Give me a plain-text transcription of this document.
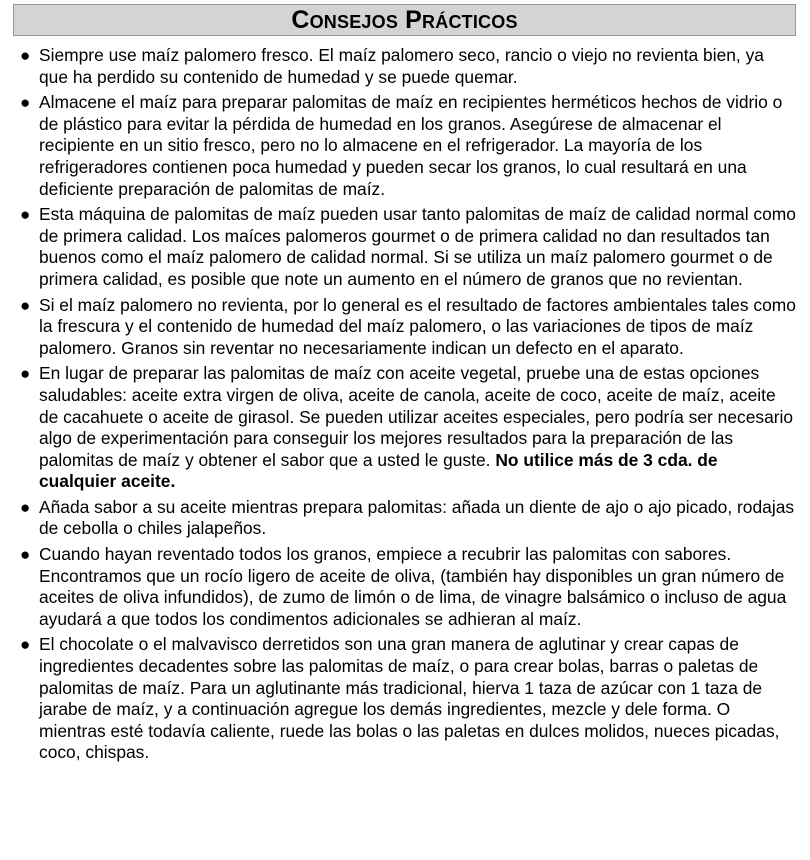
Consejos Prácticos
● Siempre use maíz palomero fresco. El maíz palomero seco, rancio o viejo no revienta bien, ya que ha perdido su contenido de humedad y se puede quemar.
● Almacene el maíz para preparar palomitas de maíz en recipientes herméticos hechos de vidrio o de plástico para evitar la pérdida de humedad en los granos. Asegúrese de almacenar el recipiente en un sitio fresco, pero no lo almacene en el refrigerador. La mayoría de los refrigeradores contienen poca humedad y pueden secar los granos, lo cual resultará en una deficiente preparación de palomitas de maíz.
● Esta máquina de palomitas de maíz pueden usar tanto palomitas de maíz de calidad normal como de primera calidad. Los maíces palomeros gourmet o de primera calidad no dan resultados tan buenos como el maíz palomero de calidad normal. Si se utiliza un maíz palomero gourmet o de primera calidad, es posible que note un aumento en el número de granos que no revientan.
● Si el maíz palomero no revienta, por lo general es el resultado de factores ambientales tales como la frescura y el contenido de humedad del maíz palomero, o las variaciones de tipos de maíz palomero. Granos sin reventar no necesariamente indican un defecto en el aparato.
● En lugar de preparar las palomitas de maíz con aceite vegetal, pruebe una de estas opciones saludables: aceite extra virgen de oliva, aceite de canola, aceite de coco, aceite de maíz, aceite de cacahuete o aceite de girasol. Se pueden utilizar aceites especiales, pero podría ser necesario algo de experimentación para conseguir los mejores resultados para la preparación de las palomitas de maíz y obtener el sabor que a usted le guste. No utilice más de 3 cda. de cualquier aceite.
● Añada sabor a su aceite mientras prepara palomitas: añada un diente de ajo o ajo picado, rodajas de cebolla o chiles jalapeños.
● Cuando hayan reventado todos los granos, empiece a recubrir las palomitas con sabores. Encontramos que un rocío ligero de aceite de oliva, (también hay disponibles un gran número de aceites de oliva infundidos), de zumo de limón o de lima, de vinagre balsámico o incluso de agua ayudará a que todos los condimentos adicionales se adhieran al maíz.
● El chocolate o el malvavisco derretidos son una gran manera de aglutinar y crear capas de ingredientes decadentes sobre las palomitas de maíz, o para crear bolas, barras o paletas de palomitas de maíz. Para un aglutinante más tradicional, hierva 1 taza de azúcar con 1 taza de jarabe de maíz, y a continuación agregue los demás ingredientes, mezcle y dele forma. O mientras esté todavía caliente, ruede las bolas o las paletas en dulces molidos, nueces picadas, coco, chispas.
